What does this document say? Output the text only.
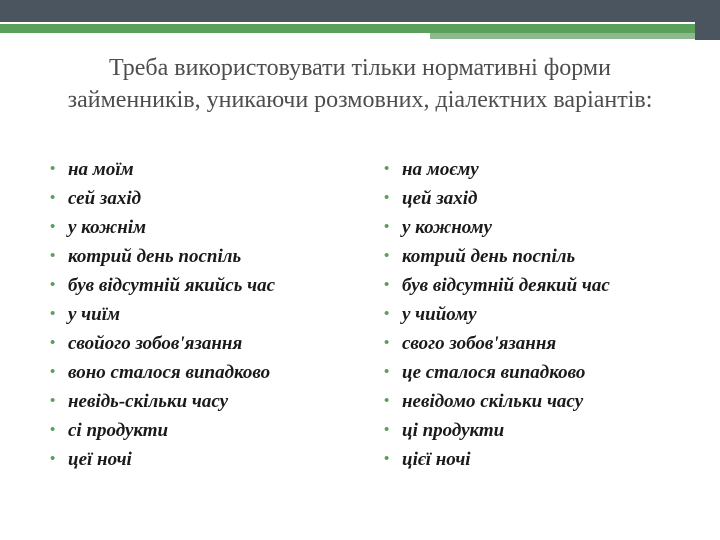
Треба використовувати тільки нормативні форми
займенників, уникаючи розмовних, діалектних варіантів:
• на моїм
• сей захід
• у кожнім
• котрий день поспіль
• був відсутній якийсь час
• у чиїм
• свойого зобов'язання
• воно сталося випадково
• невідь-скільки часу
• сі продукти
• цеї ночі
• на моєму
• цей захід
• у кожному
• котрий день поспіль
• був відсутній деякий час
• у чийому
• свого зобов'язання
• це сталося випадково
• невідомо скільки часу
• ці продукти
• цієї ночі
